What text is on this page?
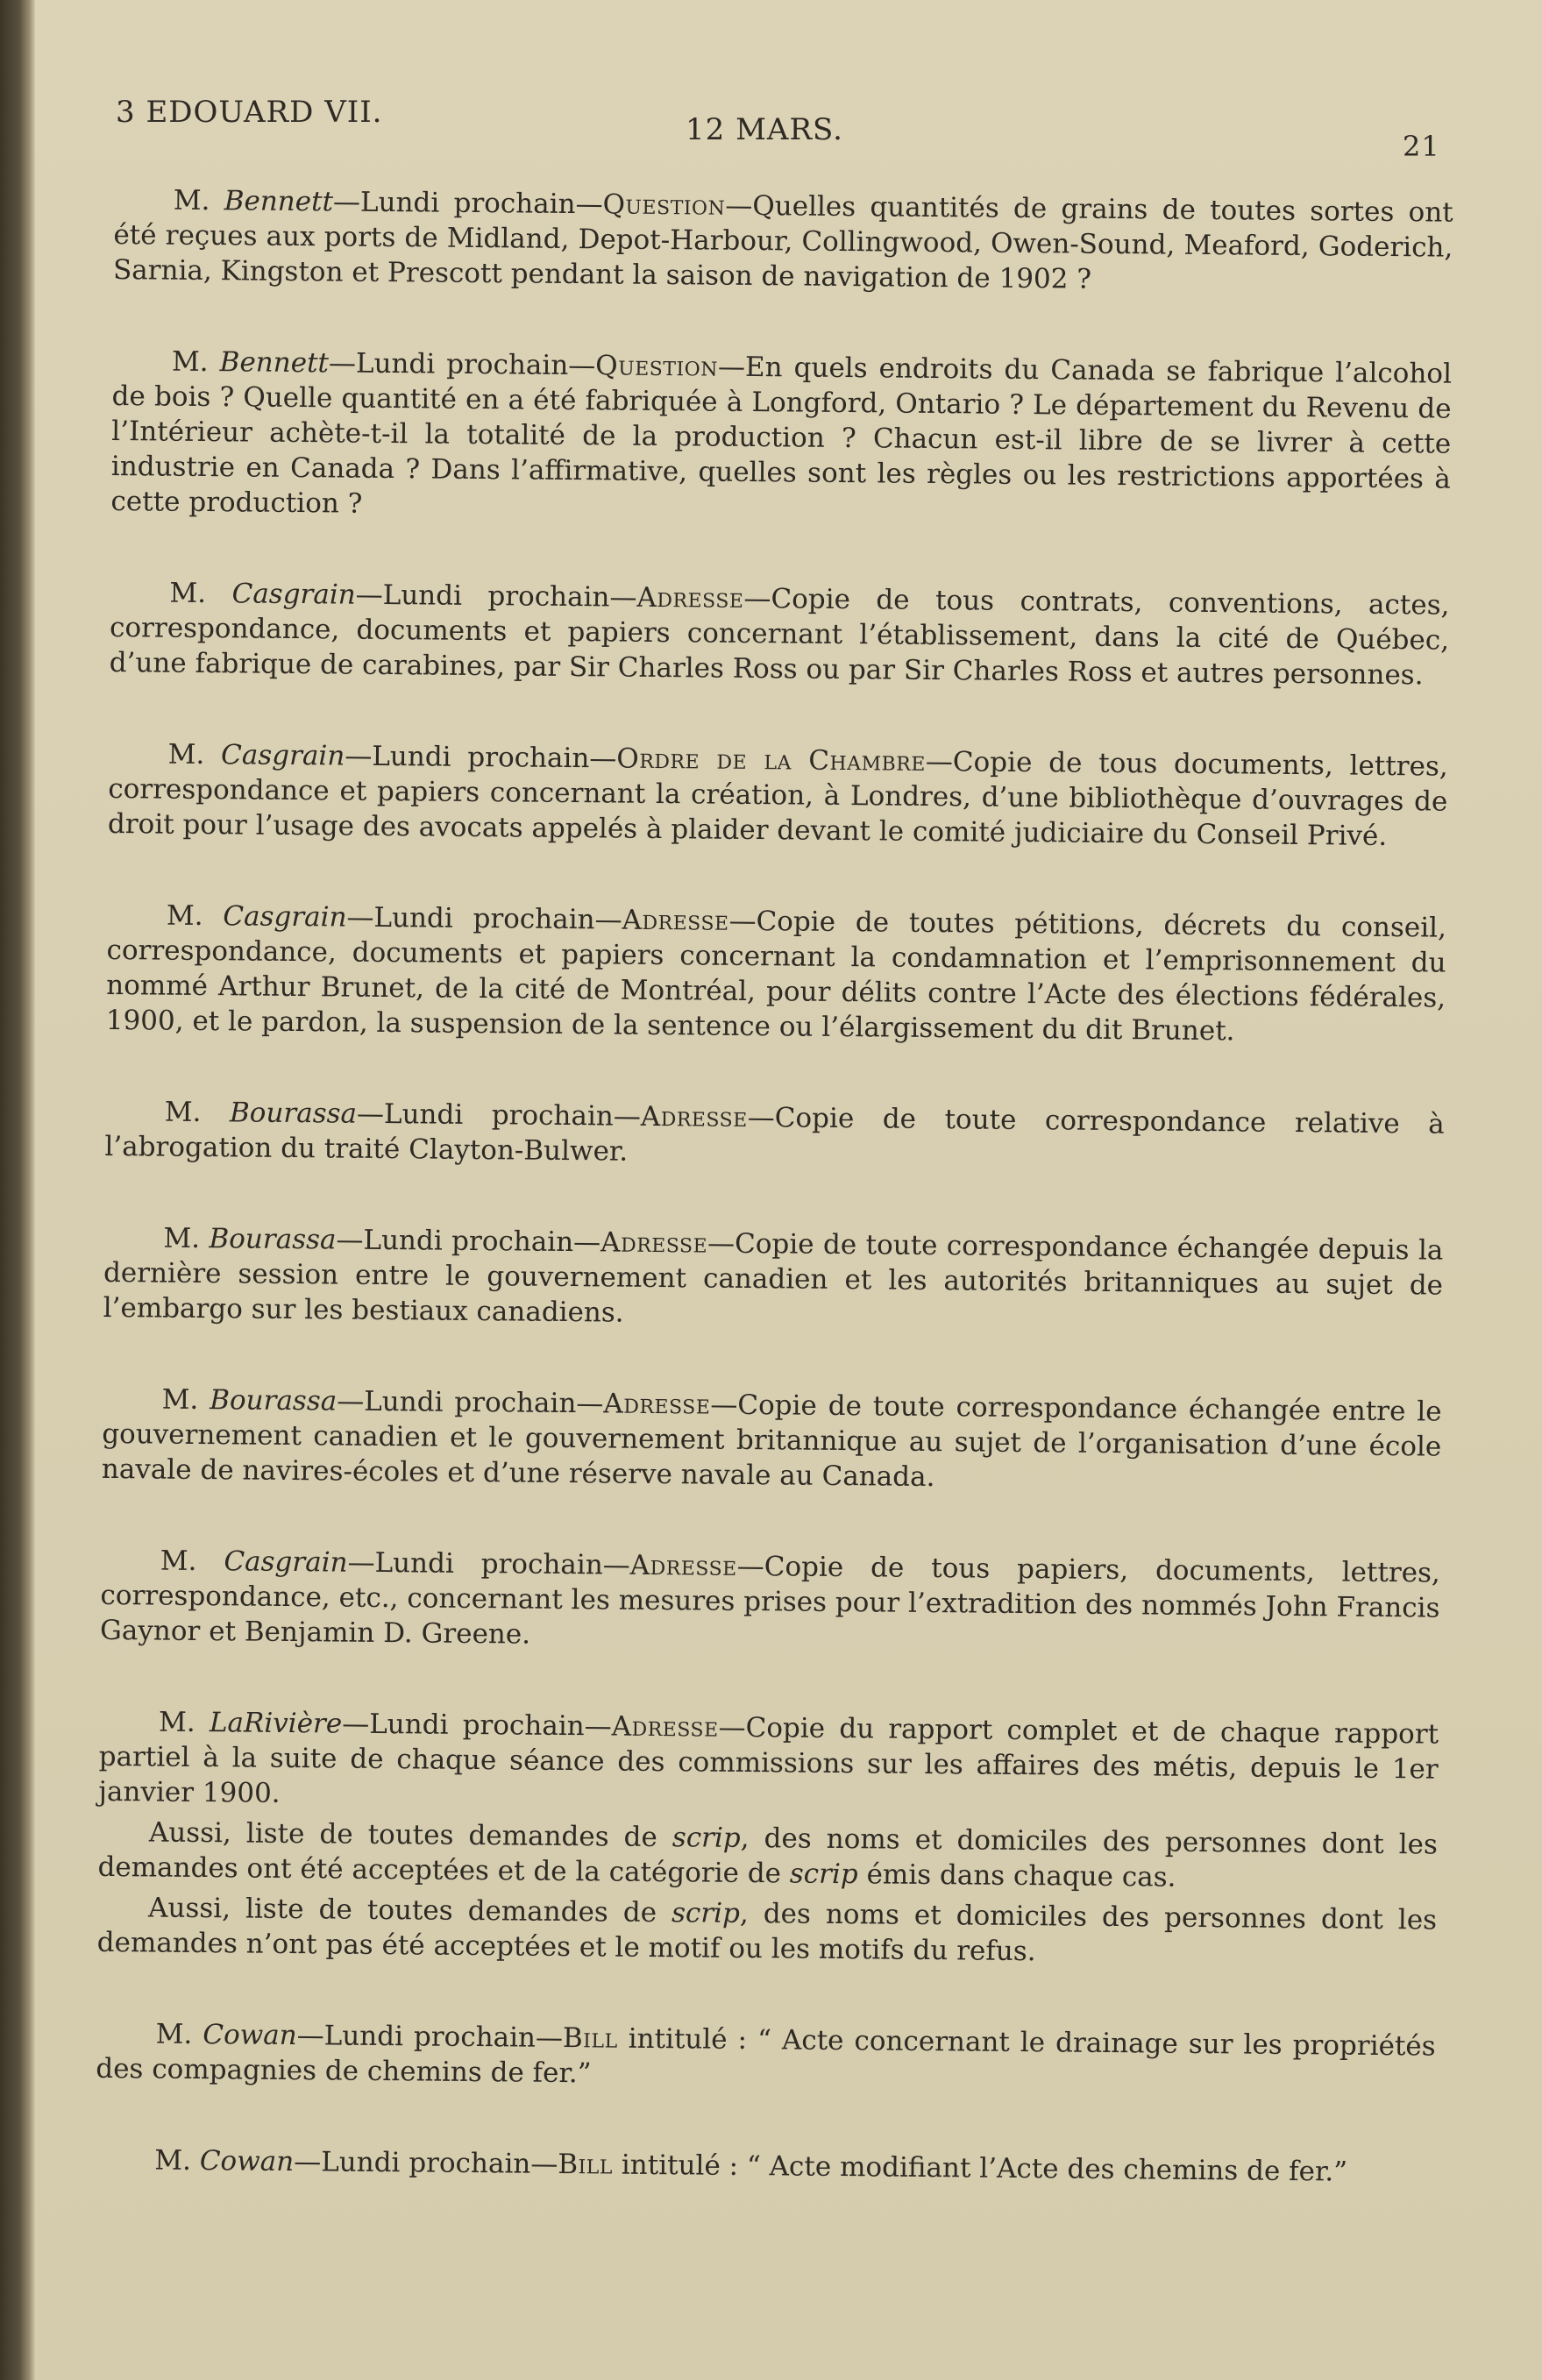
3 EDOUARD VII.	12 MARS.	21

M. Bennett—Lundi prochain—Question—Quelles quantités de grains de toutes sortes ont été reçues aux ports de Midland, Depot-Harbour, Collingwood, Owen-Sound, Meaford, Goderich, Sarnia, Kingston et Prescott pendant la saison de navigation de 1902 ?

M. Bennett—Lundi prochain—Question—En quels endroits du Canada se fabrique l’alcohol de bois ? Quelle quantité en a été fabriquée à Longford, Ontario ? Le département du Revenu de l’Intérieur achète-t-il la totalité de la production ? Chacun est-il libre de se livrer à cette industrie en Canada ? Dans l’affirmative, quelles sont les règles ou les restrictions apportées à cette production ?

M. Casgrain—Lundi prochain—Adresse—Copie de tous contrats, conventions, actes, correspondance, documents et papiers concernant l’établissement, dans la cité de Québec, d’une fabrique de carabines, par Sir Charles Ross ou par Sir Charles Ross et autres personnes.

M. Casgrain—Lundi prochain—Ordre de la Chambre—Copie de tous documents, lettres, correspondance et papiers concernant la création, à Londres, d’une bibliothèque d’ouvrages de droit pour l’usage des avocats appelés à plaider devant le comité judiciaire du Conseil Privé.

M. Casgrain—Lundi prochain—Adresse—Copie de toutes pétitions, décrets du conseil, correspondance, documents et papiers concernant la condamnation et l’emprisonnement du nommé Arthur Brunet, de la cité de Montréal, pour délits contre l’Acte des élections fédérales, 1900, et le pardon, la suspension de la sentence ou l’élargissement du dit Brunet.

M. Bourassa—Lundi prochain—Adresse—Copie de toute correspondance relative à l’abrogation du traité Clayton-Bulwer.

M. Bourassa—Lundi prochain—Adresse—Copie de toute correspondance échangée depuis la dernière session entre le gouvernement canadien et les autorités britanniques au sujet de l’embargo sur les bestiaux canadiens.

M. Bourassa—Lundi prochain—Adresse—Copie de toute correspondance échangée entre le gouvernement canadien et le gouvernement britannique au sujet de l’organisation d’une école navale de navires-écoles et d’une réserve navale au Canada.

M. Casgrain—Lundi prochain—Adresse—Copie de tous papiers, documents, lettres, correspondance, etc., concernant les mesures prises pour l’extradition des nommés John Francis Gaynor et Benjamin D. Greene.

M. LaRivière—Lundi prochain—Adresse—Copie du rapport complet et de chaque rapport partiel à la suite de chaque séance des commissions sur les affaires des métis, depuis le 1er janvier 1900.

Aussi, liste de toutes demandes de scrip, des noms et domiciles des personnes dont les demandes ont été acceptées et de la catégorie de scrip émis dans chaque cas.

Aussi, liste de toutes demandes de scrip, des noms et domiciles des personnes dont les demandes n’ont pas été acceptées et le motif ou les motifs du refus.

M. Cowan—Lundi prochain—Bill intitulé : “ Acte concernant le drainage sur les propriétés des compagnies de chemins de fer.”

M. Cowan—Lundi prochain—Bill intitulé : “ Acte modifiant l’Acte des chemins de fer.”
